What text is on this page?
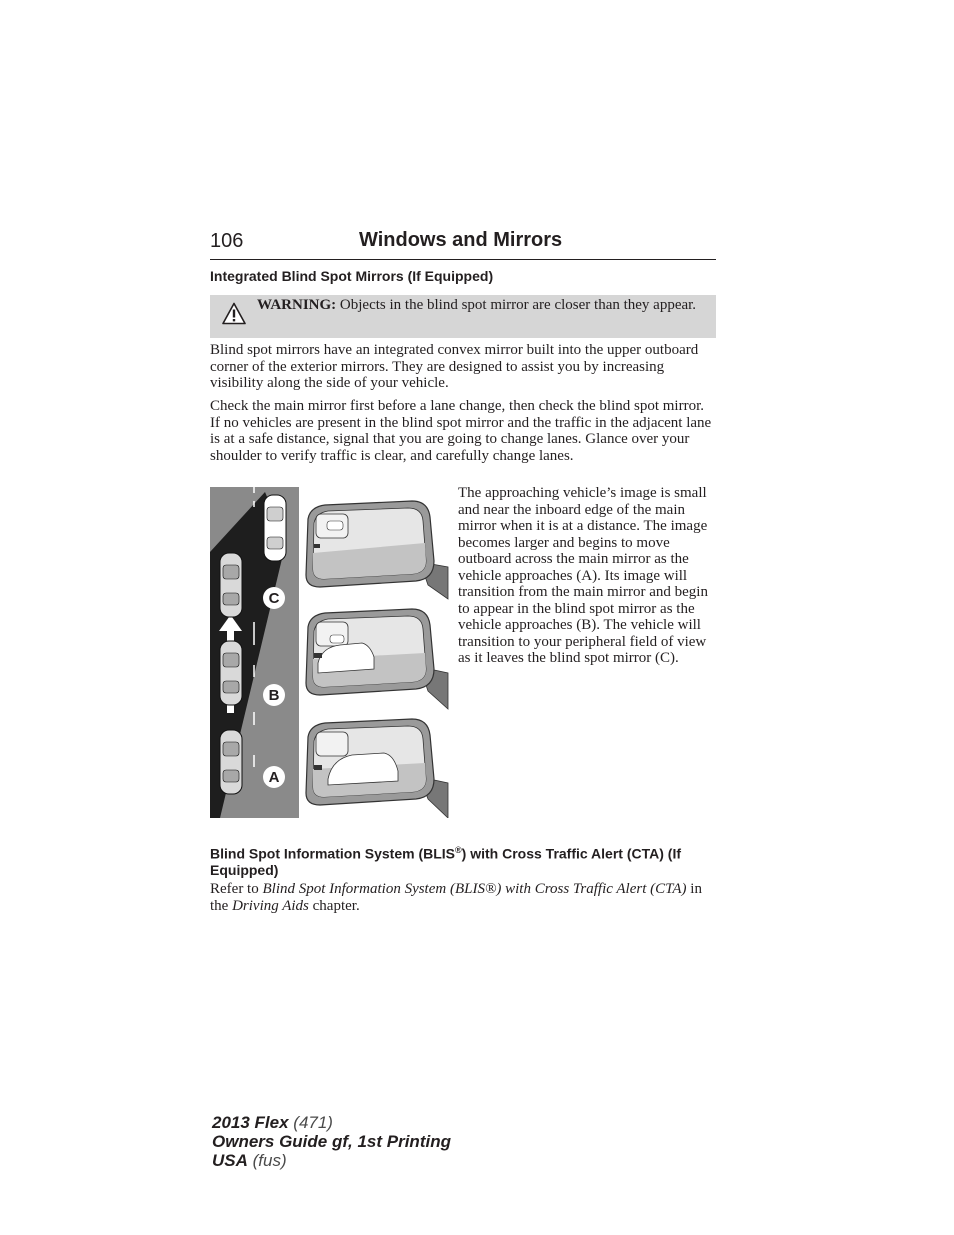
106	Windows and Mirrors
Integrated Blind Spot Mirrors (If Equipped)
WARNING: Objects in the blind spot mirror are closer than they appear.

Blind spot mirrors have an integrated convex mirror built into the upper outboard corner of the exterior mirrors. They are designed to assist you by increasing visibility along the side of your vehicle.

Check the main mirror first before a lane change, then check the blind spot mirror. If no vehicles are present in the blind spot mirror and the traffic in the adjacent lane is at a safe distance, signal that you are going to change lanes. Glance over your shoulder to verify traffic is clear, and carefully change lanes.

C
B
A

The approaching vehicle’s image is small and near the inboard edge of the main mirror when it is at a distance. The image becomes larger and begins to move outboard across the main mirror as the vehicle approaches (A). Its image will transition from the main mirror and begin to appear in the blind spot mirror as the vehicle approaches (B). The vehicle will transition to your peripheral field of view as it leaves the blind spot mirror (C).

Blind Spot Information System (BLIS®) with Cross Traffic Alert (CTA) (If Equipped)

Refer to Blind Spot Information System (BLIS®) with Cross Traffic Alert (CTA) in the Driving Aids chapter.

2013 Flex (471)
Owners Guide gf, 1st Printing
USA (fus)
